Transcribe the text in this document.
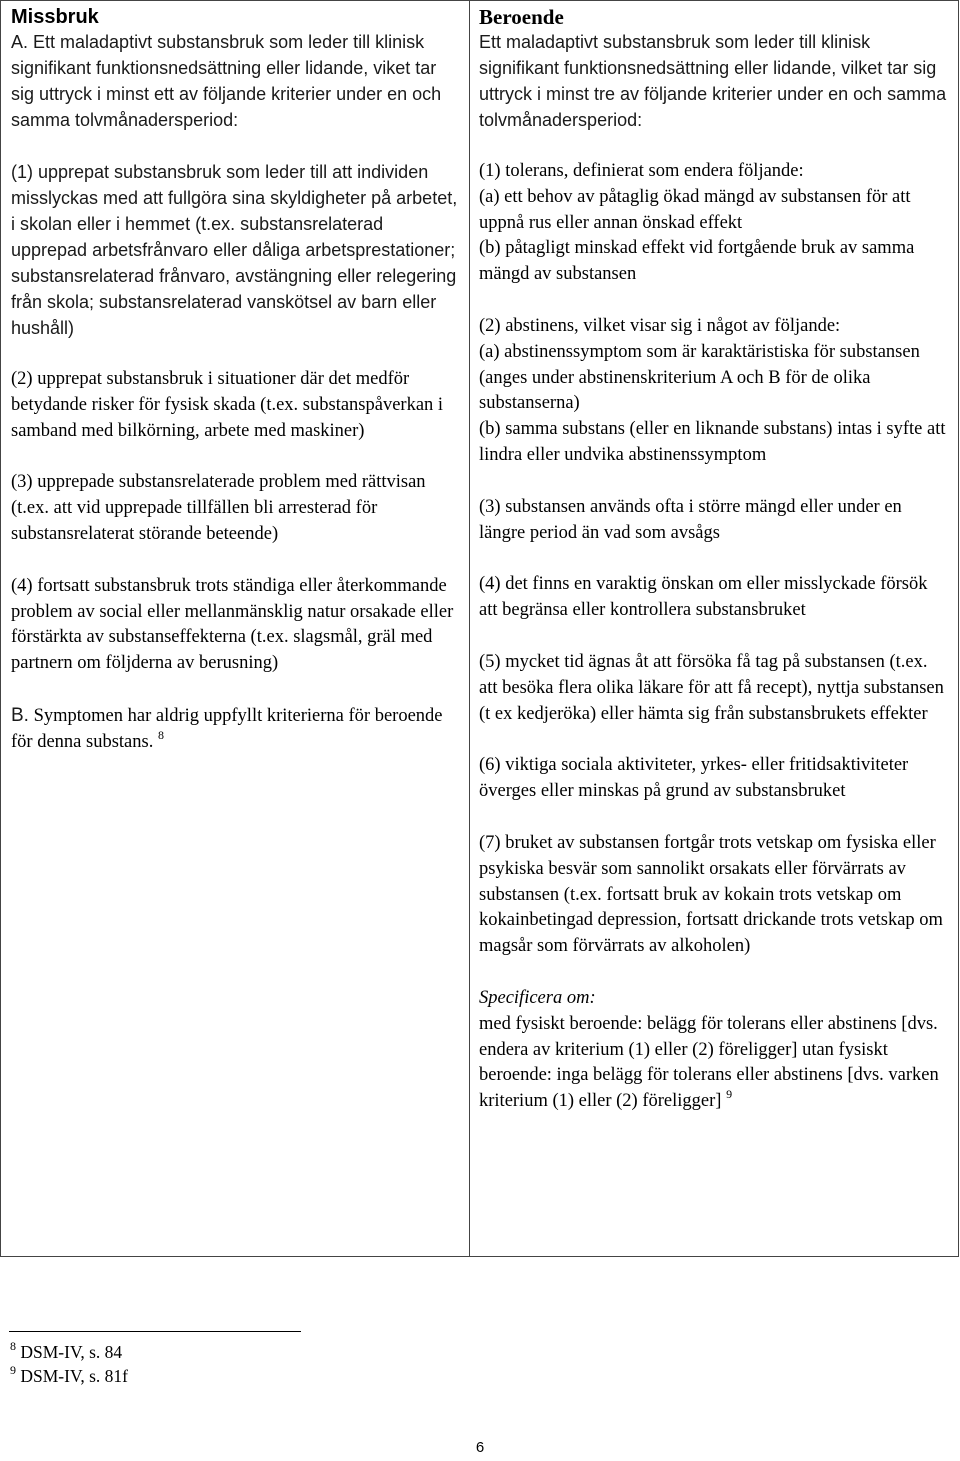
Missbruk

A. Ett maladaptivt substansbruk som leder till klinisk signifikant funktionsnedsättning eller lidande, viket tar sig uttryck i minst ett av följande kriterier under en och samma tolvmånadersperiod:

(1) upprepat substansbruk som leder till att individen misslyckas med att fullgöra sina skyldigheter på arbetet, i skolan eller i hemmet (t.ex. substansrelaterad upprepad arbetsfrånvaro eller dåliga arbetsprestationer; substansrelaterad frånvaro, avstängning eller relegering från skola; substansrelaterad vanskötsel av barn eller hushåll)

(2) upprepat substansbruk i situationer där det medför betydande risker för fysisk skada (t.ex. substanspåverkan i samband med bilkörning, arbete med maskiner)

(3) upprepade substansrelaterade problem med rättvisan (t.ex. att vid upprepade tillfällen bli arresterad för substansrelaterat störande beteende)

(4) fortsatt substansbruk trots ständiga eller återkommande problem av social eller mellanmänsklig natur orsakade eller förstärkta av substanseffekterna (t.ex. slagsmål, gräl med partnern om följderna av berusning)

B. Symptomen har aldrig uppfyllt kriterierna för beroende för denna substans. $^8$

Beroende

Ett maladaptivt substansbruk som leder till klinisk signifikant funktionsnedsättning eller lidande, vilket tar sig uttryck i minst tre av följande kriterier under en och samma tolvmånadersperiod:

(1) tolerans, definierat som endera följande:

(a) ett behov av påtaglig ökad mängd av substansen för att uppnå rus eller annan önskad effekt

(b) påtagligt minskad effekt vid fortgående bruk av samma mängd av substansen

(2) abstinens, vilket visar sig i något av följande:

(a) abstinenssymptom som är karaktäristiska för substansen (anges under abstinenskriterium A och B för de olika substanserna)

(b) samma substans (eller en liknande substans) intas i syfte att lindra eller undvika abstinenssymptom

(3) substansen används ofta i större mängd eller under en längre period än vad som avsågs

(4) det finns en varaktig önskan om eller misslyckade försök att begränsa eller kontrollera substansbruket

(5) mycket tid ägnas åt att försöka få tag på substansen (t.ex. att besöka flera olika läkare för att få recept), nyttja substansen (t ex kedjeröka) eller hämta sig från substansbrukets effekter

(6) viktiga sociala aktiviteter, yrkes- eller fritidsaktiviteter överges eller minskas på grund av substansbruket

(7) bruket av substansen fortgår trots vetskap om fysiska eller psykiska besvär som sannolikt orsakats eller förvärrats av substansen (t.ex. fortsatt bruk av kokain trots vetskap om kokainbetingad depression, fortsatt drickande trots vetskap om magsår som förvärrats av alkoholen)

Specificera om:

med fysiskt beroende: belägg för tolerans eller abstinens [dvs. endera av kriterium (1) eller (2) föreligger] utan fysiskt beroende: inga belägg för tolerans eller abstinens [dvs. varken kriterium (1) eller (2) föreligger] $^9$

$^8$ DSM-IV, s. 84
$^9$ DSM-IV, s. 81f
6
